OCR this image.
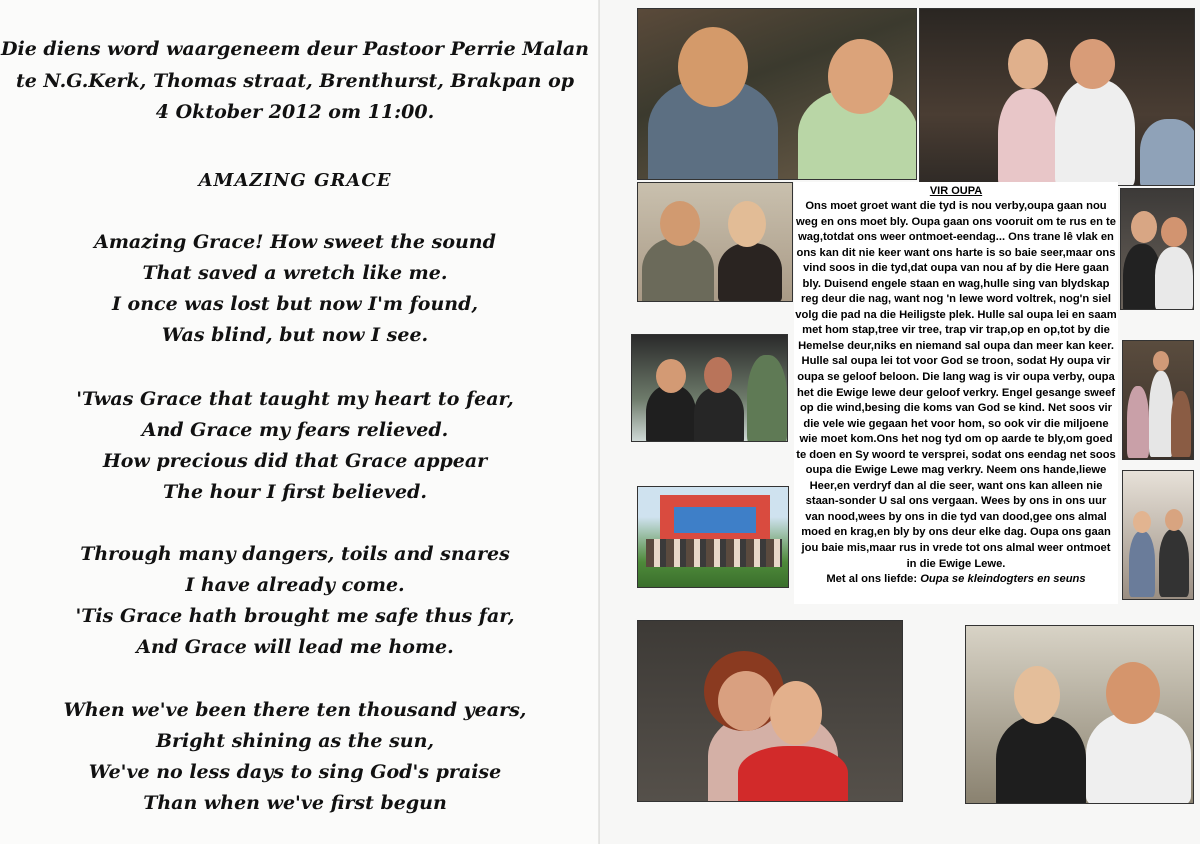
Die diens word waargeneem deur Pastoor Perrie Malan

te N.G.Kerk, Thomas straat, Brenthurst, Brakpan op

4 Oktober 2012 om 11:00.

AMAZING GRACE

Amazing Grace! How sweet the sound

That saved a wretch like me.

I once was lost but now I'm found,

Was blind, but now I see.

'Twas Grace that taught my heart to fear,

And Grace my fears relieved.

How precious did that Grace appear

The hour I first believed.

Through many dangers, toils and snares

I have already come.

'Tis Grace hath brought me safe thus far,

And Grace will lead me home.

When we've been there ten thousand years,

Bright shining as the sun,

We've no less days to sing God's praise

Than when we've first begun

VIR OUPA

Ons moet groet want die tyd is nou verby,oupa gaan nou weg en ons moet bly. Oupa gaan ons vooruit om te rus en te wag,totdat ons weer ontmoet-eendag... Ons trane lê vlak en ons kan dit nie keer want ons harte is so baie seer,maar ons vind soos in die tyd,dat oupa van nou af by die Here gaan bly. Duisend engele staan en wag,hulle sing van blydskap reg deur die nag, want nog 'n lewe word voltrek, nog'n siel volg die pad na die Heiligste plek. Hulle sal oupa lei en saam met hom stap,tree vir tree, trap vir trap,op en op,tot by die Hemelse deur,niks en niemand sal oupa dan meer kan keer. Hulle sal oupa lei tot voor God se troon, sodat Hy oupa vir oupa se geloof beloon. Die lang wag is vir oupa verby, oupa het die Ewige lewe deur geloof verkry. Engel gesange sweef op die wind,besing die koms van God se kind. Net soos vir die vele wie gegaan het voor hom, so ook vir die miljoene wie moet kom.Ons het nog tyd om op aarde te bly,om goed te doen en Sy woord te versprei, sodat ons eendag net soos oupa die Ewige Lewe mag verkry. Neem ons hande,liewe Heer,en verdryf dan al die seer, want ons kan alleen nie staan-sonder U sal ons vergaan. Wees by ons in ons uur van nood,wees by ons in die tyd van dood,gee ons almal moed en krag,en bly by ons deur elke dag. Oupa ons gaan jou baie mis,maar rus in vrede tot ons almal weer ontmoet in die Ewige Lewe.

Met al ons liefde: Oupa se kleindogters en seuns
